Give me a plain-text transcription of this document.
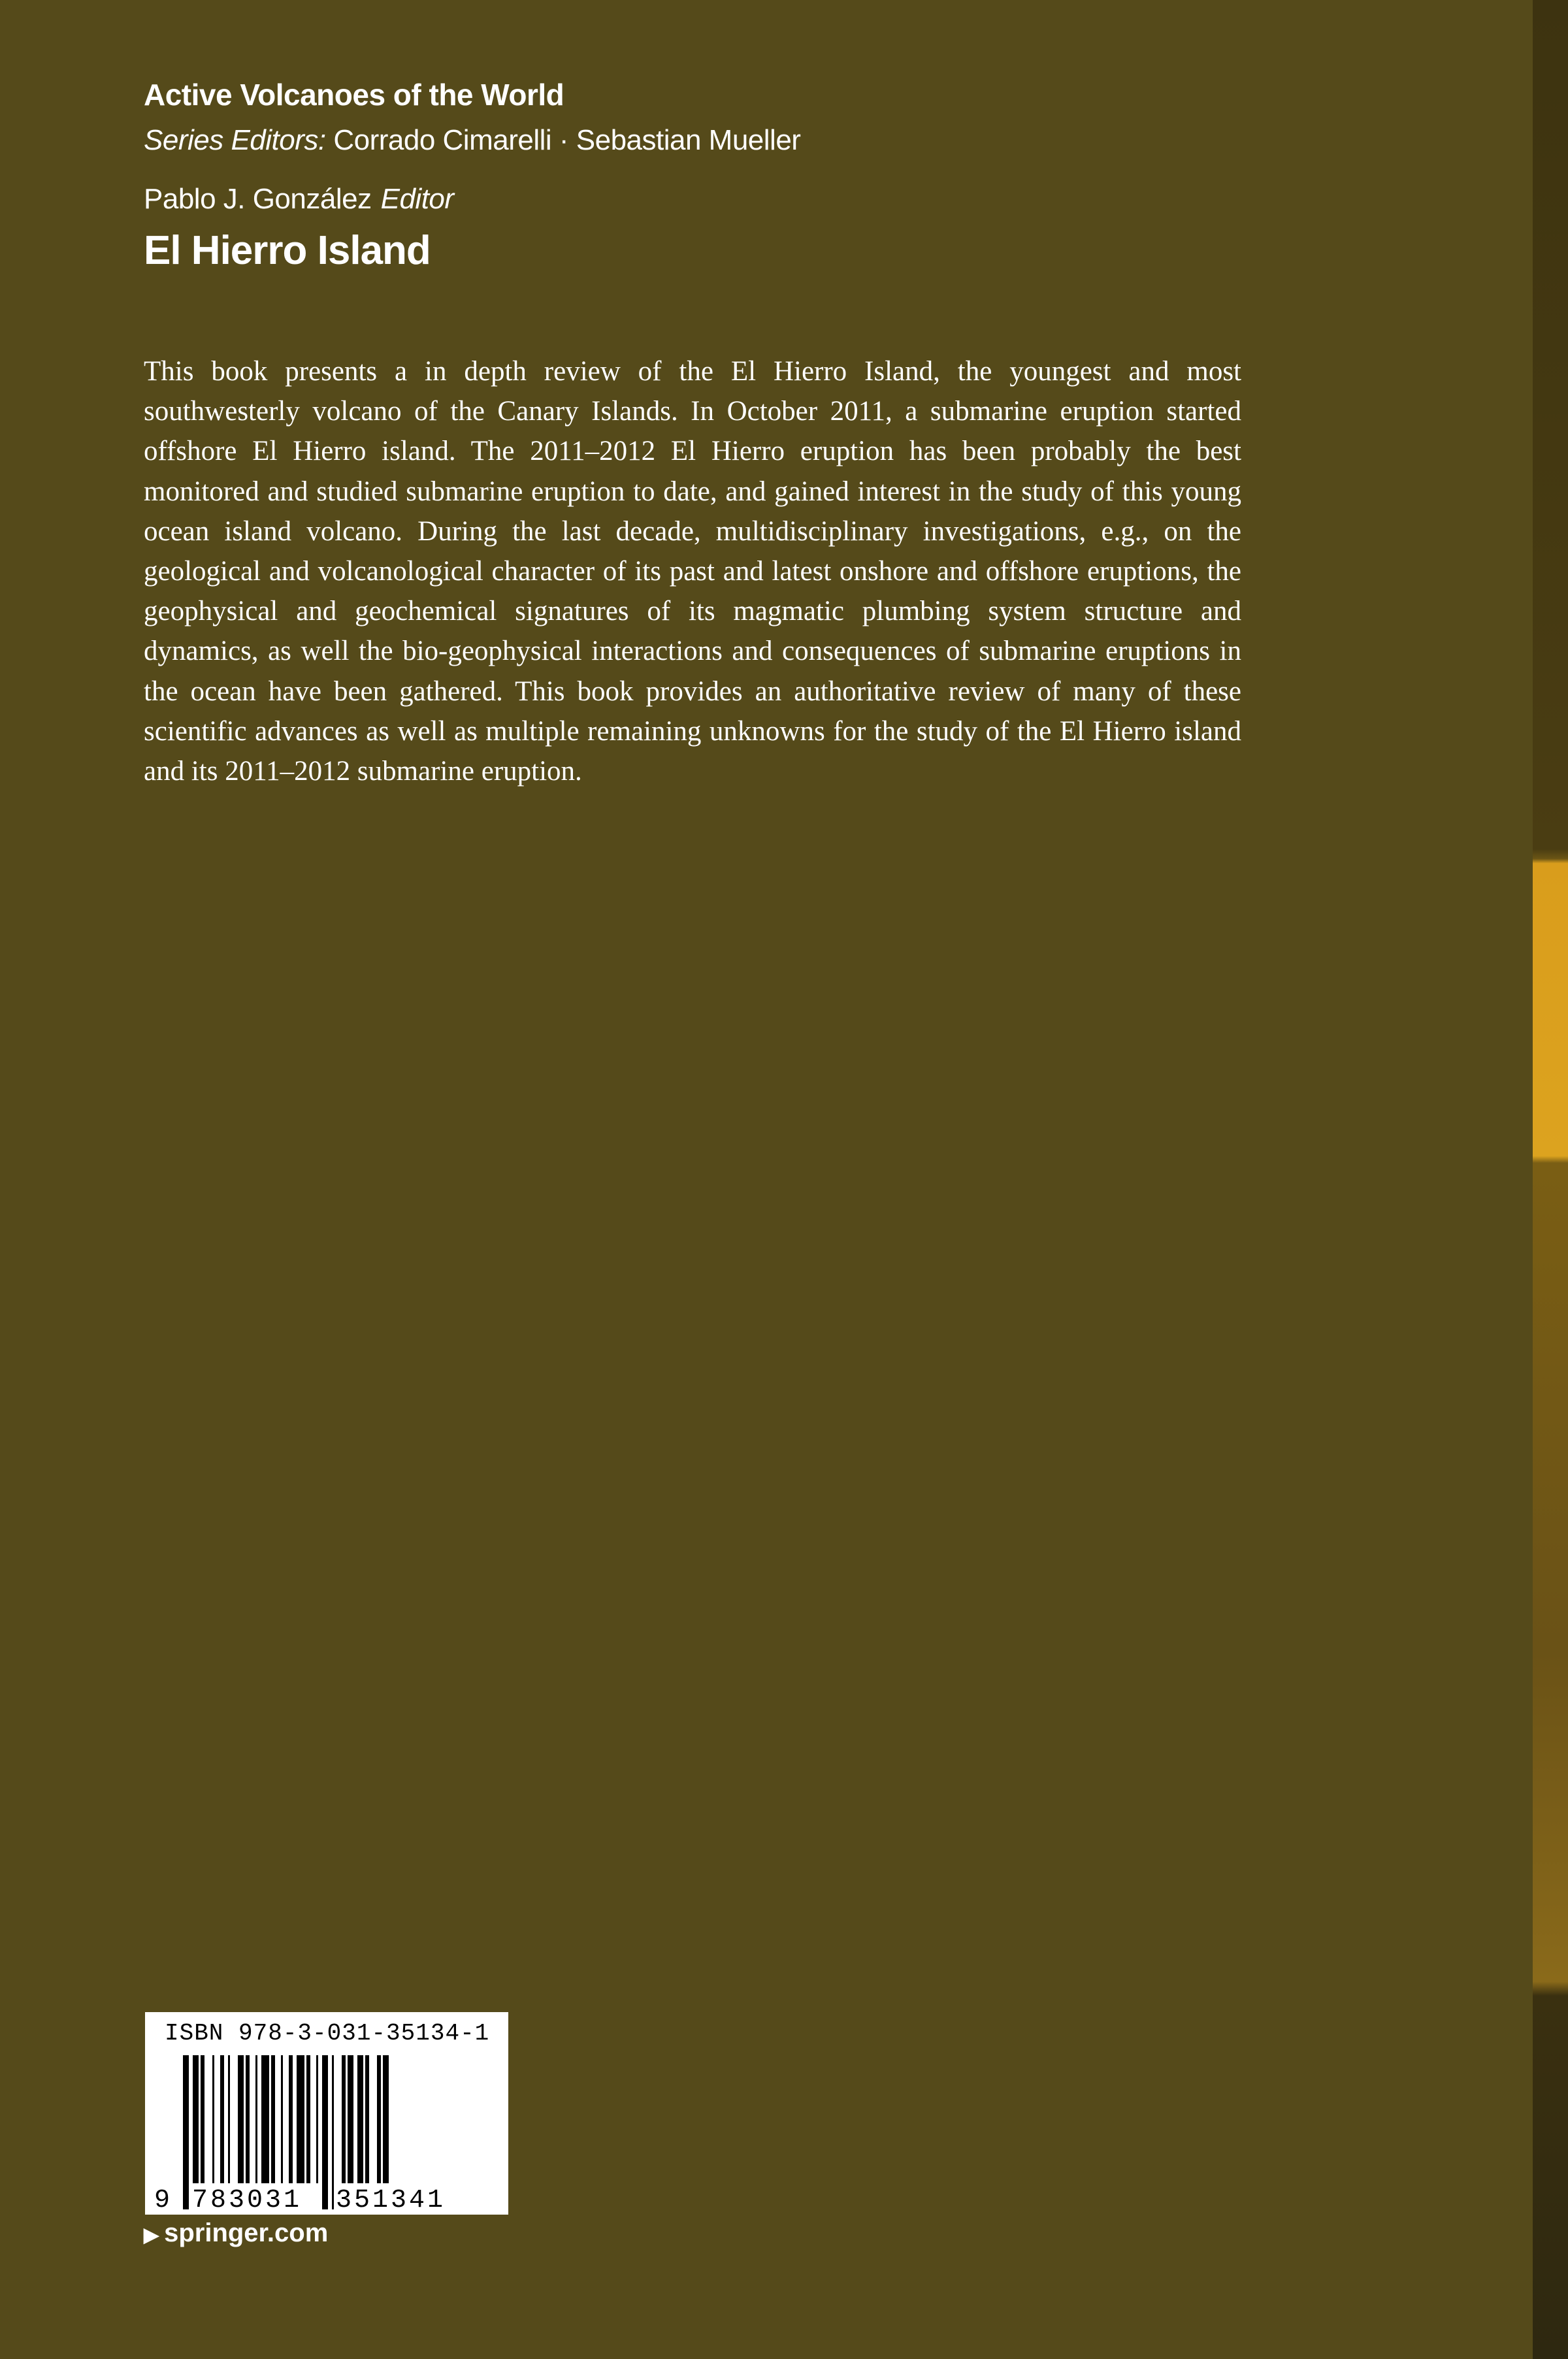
Active Volcanoes of the World
Series Editors: Corrado Cimarelli · Sebastian Mueller
Pablo J. González Editor
El Hierro Island

This book presents a in depth review of the El Hierro Island, the youngest and most southwesterly volcano of the Canary Islands. In October 2011, a submarine eruption started offshore El Hierro island. The 2011–2012 El Hierro eruption has been probably the best monitored and studied submarine eruption to date, and gained interest in the study of this young ocean island volcano. During the last decade, multidisciplinary investigations, e.g., on the geological and volcanological character of its past and latest onshore and offshore eruptions, the geophysical and geochemical signatures of its magmatic plumbing system structure and dynamics, as well the bio-geophysical interactions and consequences of submarine eruptions in the ocean have been gathered. This book provides an authoritative review of many of these scientific advances as well as multiple remaining unknowns for the study of the El Hierro island and its 2011–2012 submarine eruption.

ISBN 978-3-031-35134-1
9 783031 351341
▶ springer.com
